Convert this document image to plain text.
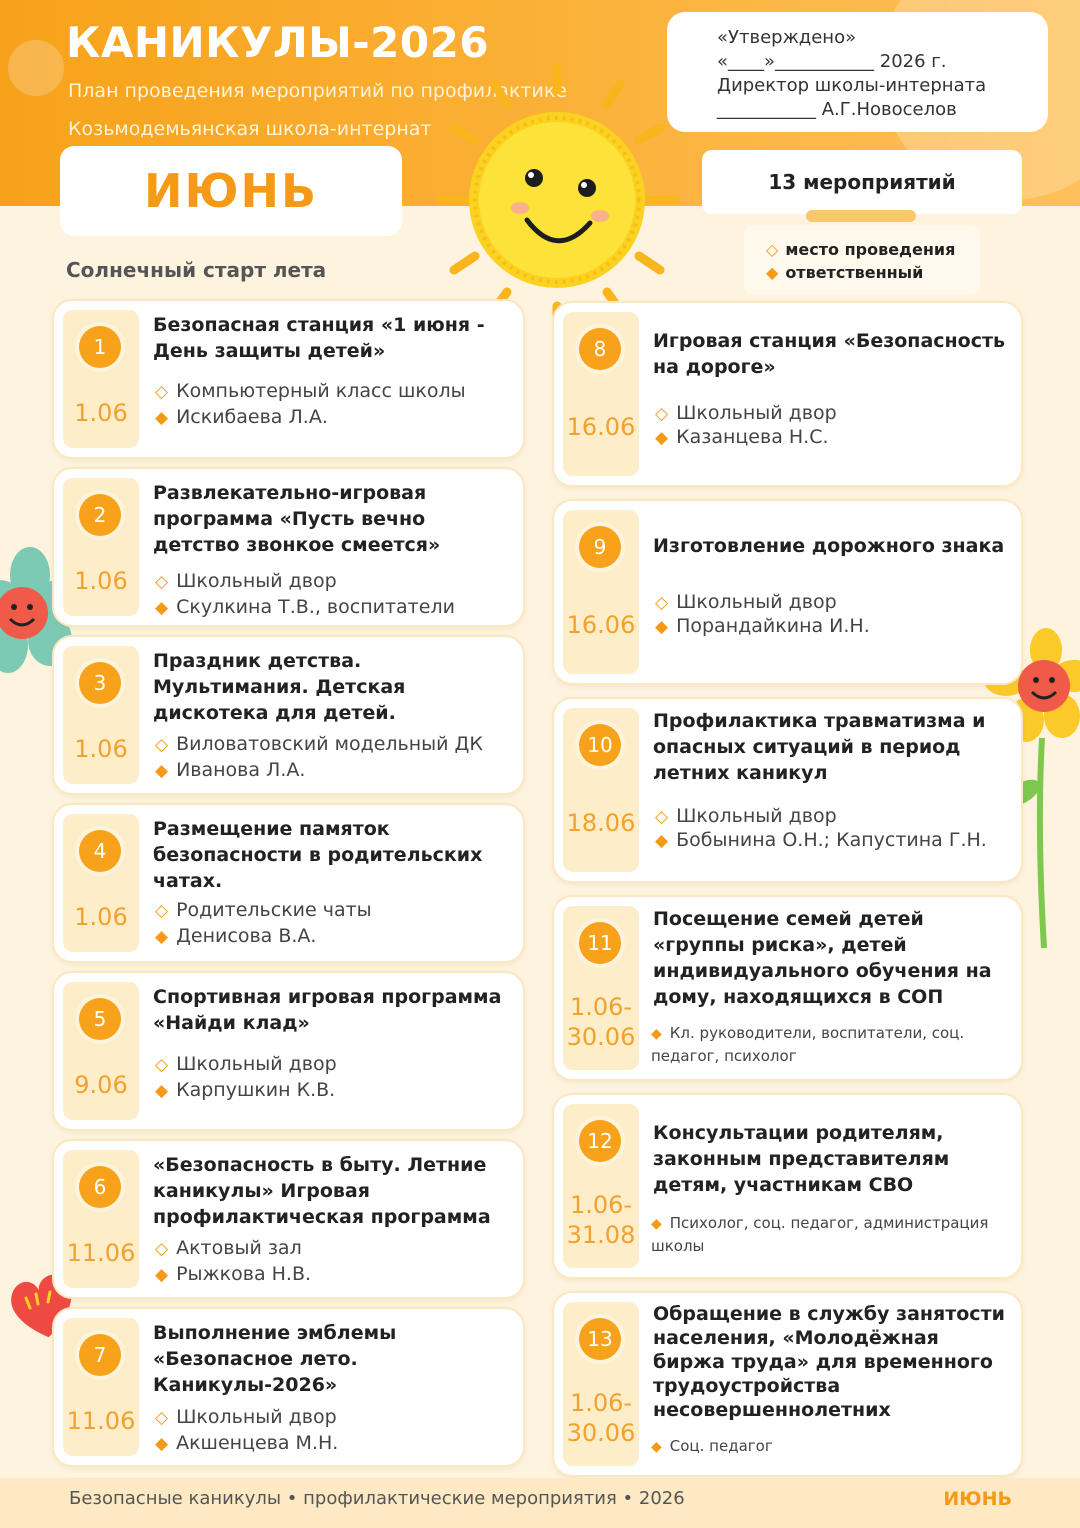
КАНИКУЛЫ-2026
План проведения мероприятий по профилактике
Козьмодемьянская школа-интернат
«Утверждено»
«____»___________ 2026 г.
Директор школы-интерната
___________ А.Г.Новоселов
ИЮНЬ
Солнечный старт лета
13 мероприятий
◇ место проведения
◆ ответственный
1
1.06
Безопасная станция «1 июня - День защиты детей»
◇ Компьютерный класс школы
◆ Искибаева Л.А.
2
1.06
Развлекательно-игровая программа «Пусть вечно детство звонкое смеется»
◇ Школьный двор
◆ Скулкина Т.В., воспитатели
3
1.06
Праздник детства. Мультимания. Детская дискотека для детей.
◇ Виловатовский модельный ДК
◆ Иванова Л.А.
4
1.06
Размещение памяток безопасности в родительских чатах.
◇ Родительские чаты
◆ Денисова В.А.
5
9.06
Спортивная игровая программа «Найди клад»
◇ Школьный двор
◆ Карпушкин К.В.
6
11.06
«Безопасность в быту. Летние каникулы» Игровая профилактическая программа
◇ Актовый зал
◆ Рыжкова Н.В.
7
11.06
Выполнение эмблемы «Безопасное лето. Каникулы-2026»
◇ Школьный двор
◆ Акшенцева М.Н.
8
16.06
Игровая станция «Безопасность на дороге»
◇ Школьный двор
◆ Казанцева Н.С.
9
16.06
Изготовление дорожного знака
◇ Школьный двор
◆ Порандайкина И.Н.
10
18.06
Профилактика травматизма и опасных ситуаций в период летних каникул
◇ Школьный двор
◆ Бобынина О.Н.; Капустина Г.Н.
11
1.06-
30.06
Посещение семей детей «группы риска», детей индивидуального обучения на дому, находящихся в СОП
◆ Кл. руководители, воспитатели, соц. педагог, психолог
12
1.06-
31.08
Консультации родителям, законным представителям детям, участникам СВО
◆ Психолог, соц. педагог, администрация школы
13
1.06-
30.06
Обращение в службу занятости населения, «Молодёжная биржа труда» для временного трудоустройства несовершеннолетних
◆ Соц. педагог
Безопасные каникулы • профилактические мероприятия • 2026	ИЮНЬ
